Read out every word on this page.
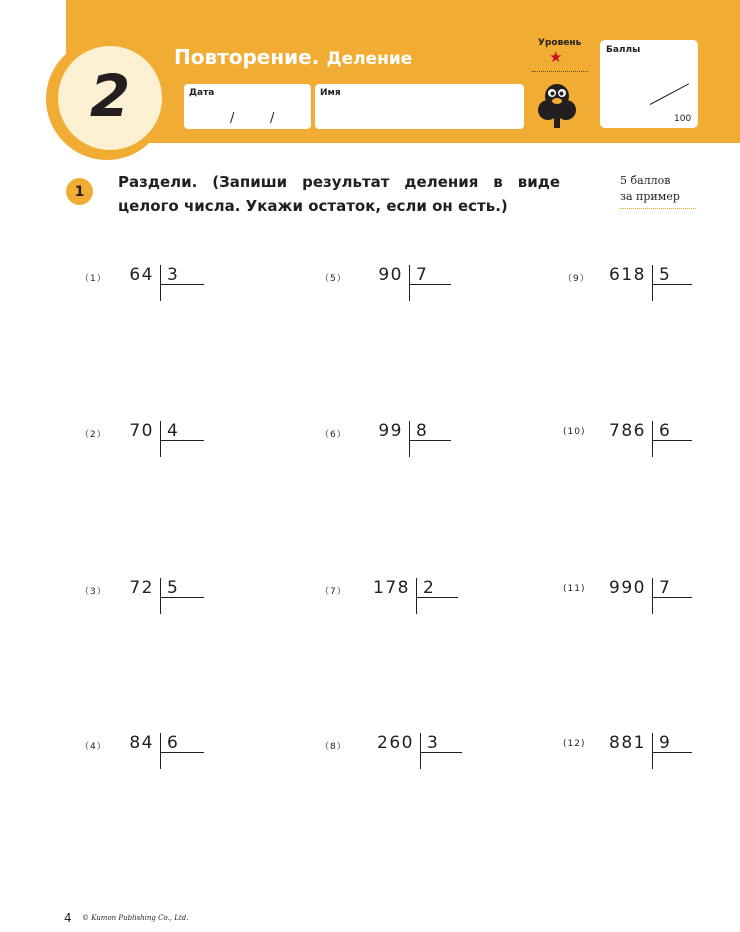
2
Повторение. Деление
Дата
/	/
Имя
Уровень
★	Баллы
100
1
Раздели. (Запиши результат деления в виде
целого числа. Укажи остаток, если он есть.)
5 баллов
за пример
（1） 64 3
（2） 70 4
（3） 72 5
（4） 84 6
（5） 90 7
（6） 99 8
（7） 178 2
（8） 260 3
（9） 618 5
(10) 786 6
(11) 990 7
(12) 881 9
4 © Kumon Publishing Co., Ltd.
